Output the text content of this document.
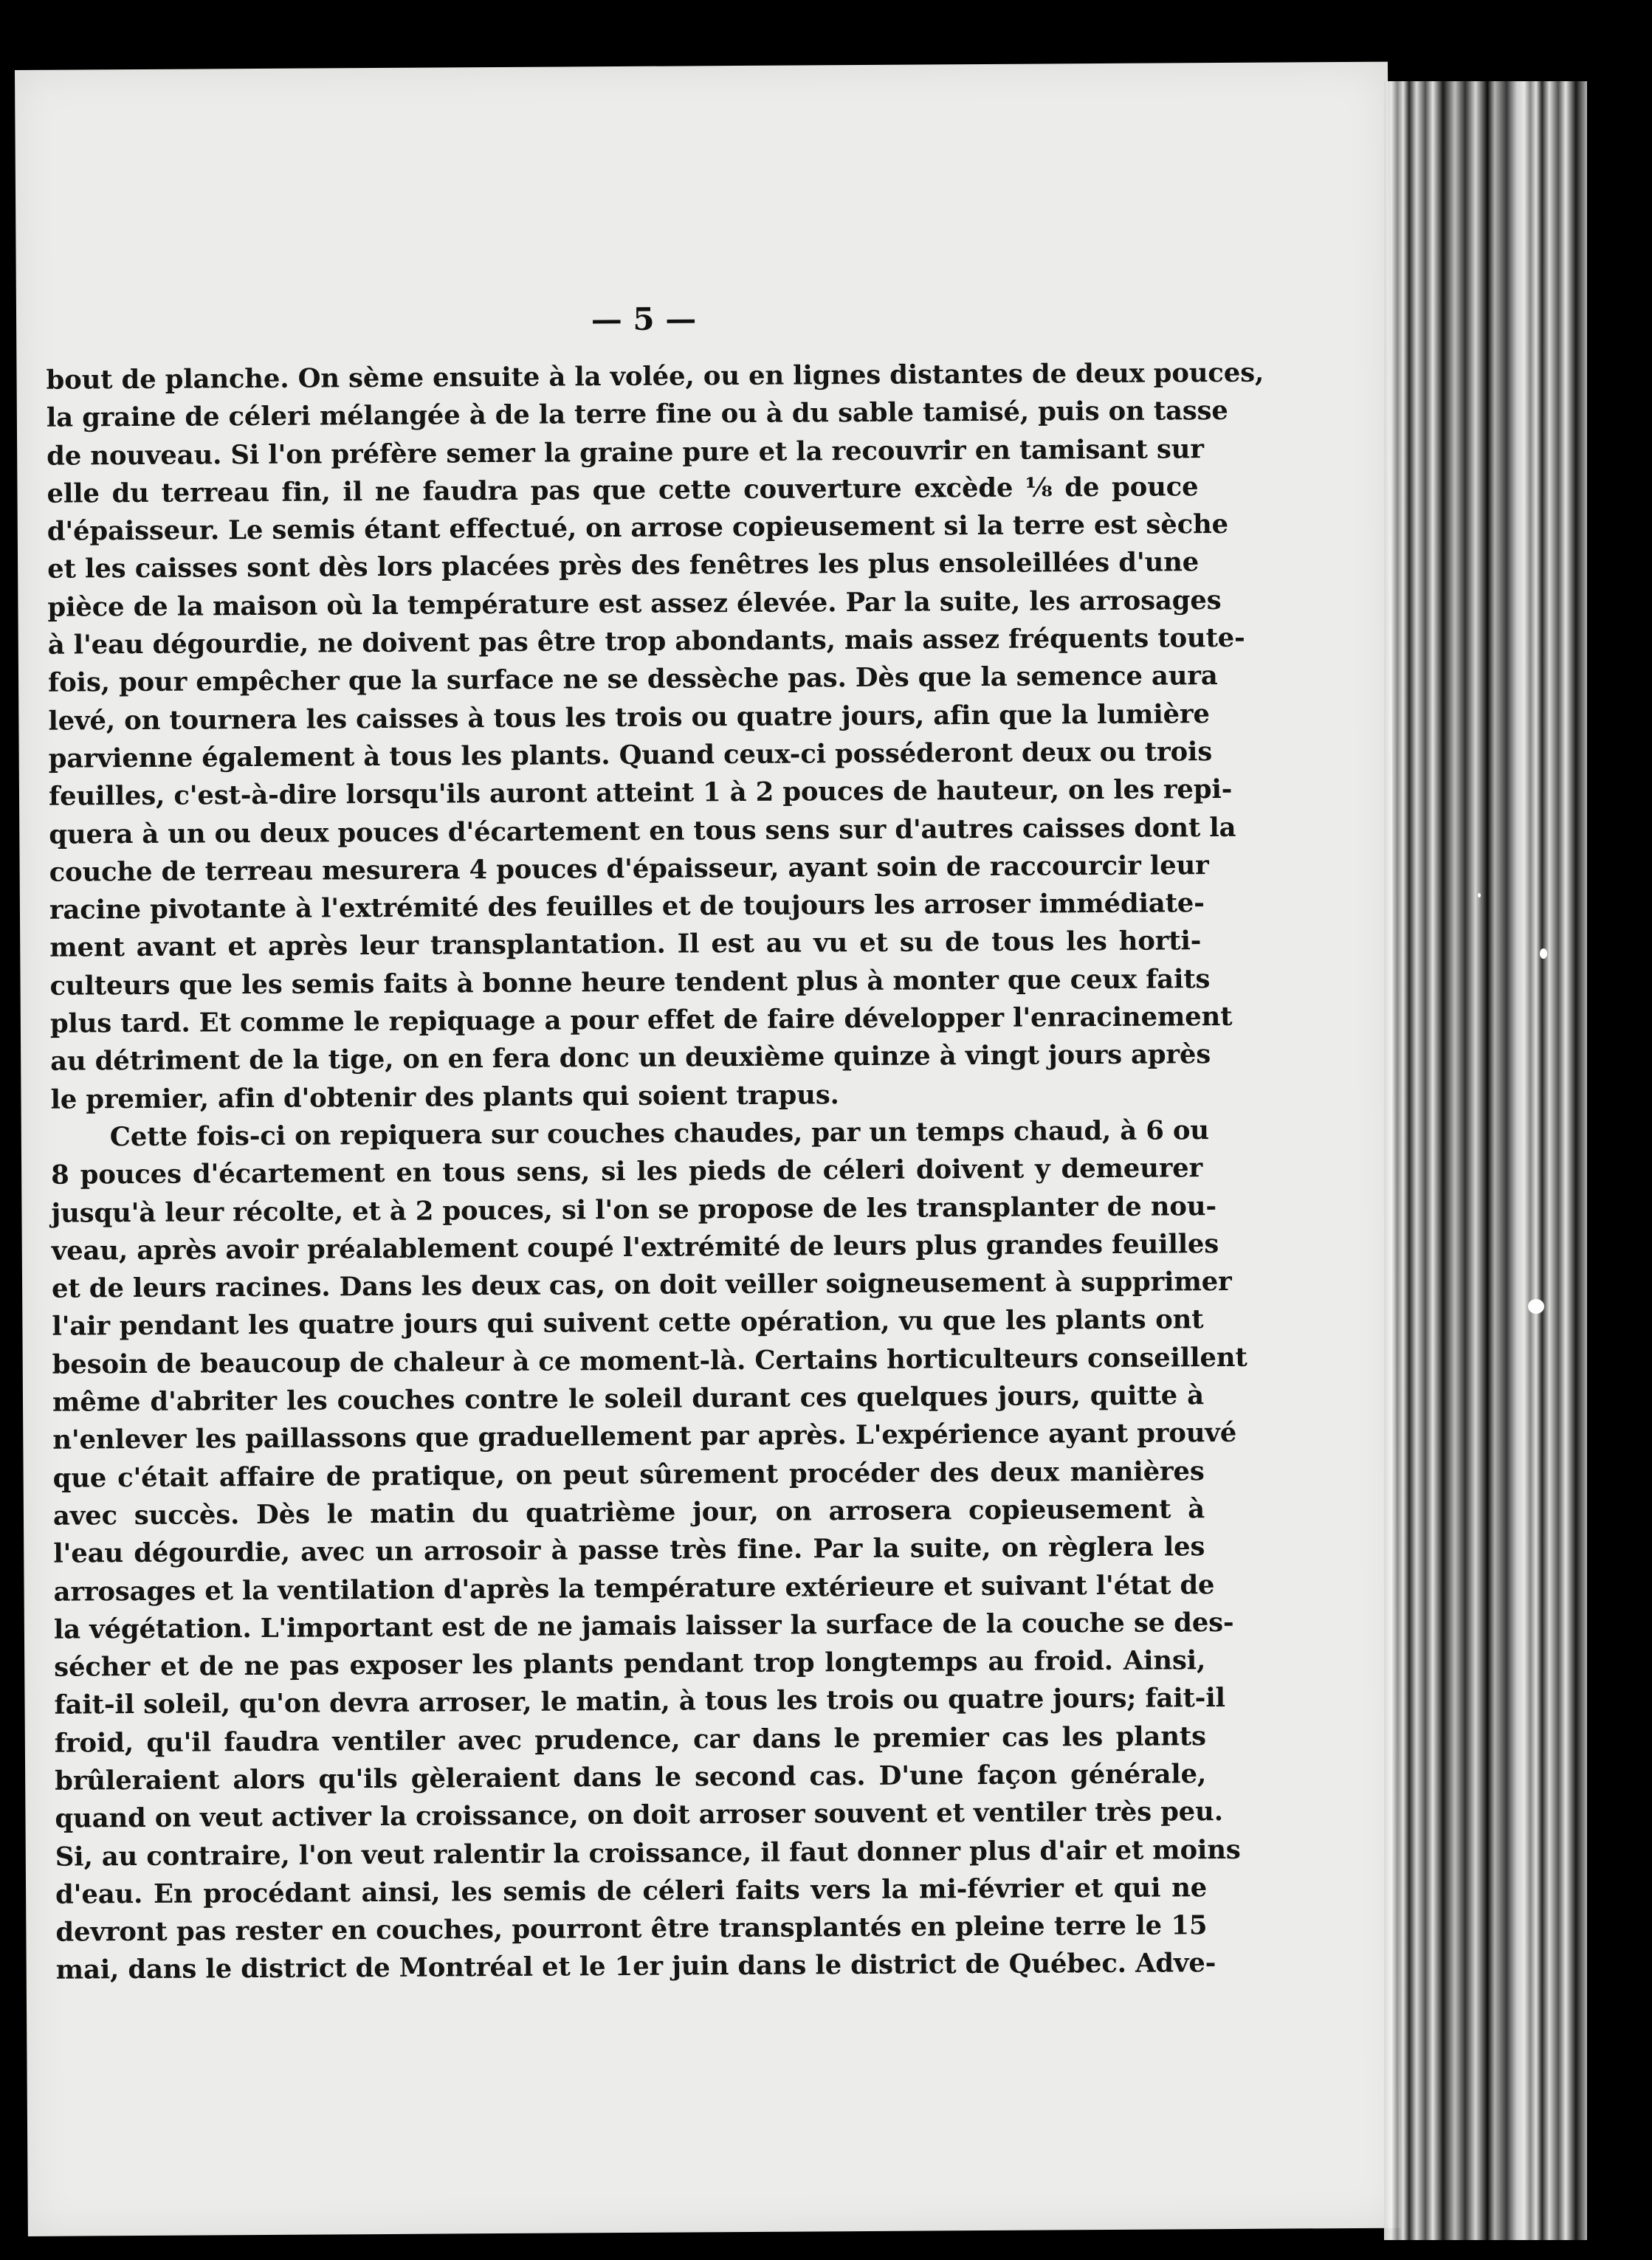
— 5 —
bout de planche. On sème ensuite à la volée, ou en lignes distantes de deux pouces,
la graine de céleri mélangée à de la terre fine ou à du sable tamisé, puis on tasse
de nouveau. Si l'on préfère semer la graine pure et la recouvrir en tamisant sur
elle du terreau fin, il ne faudra pas que cette couverture excède ⅛ de pouce
d'épaisseur. Le semis étant effectué, on arrose copieusement si la terre est sèche
et les caisses sont dès lors placées près des fenêtres les plus ensoleillées d'une
pièce de la maison où la température est assez élevée. Par la suite, les arrosages
à l'eau dégourdie, ne doivent pas être trop abondants, mais assez fréquents toute-
fois, pour empêcher que la surface ne se dessèche pas. Dès que la semence aura
levé, on tournera les caisses à tous les trois ou quatre jours, afin que la lumière
parvienne également à tous les plants. Quand ceux-ci posséderont deux ou trois
feuilles, c'est-à-dire lorsqu'ils auront atteint 1 à 2 pouces de hauteur, on les repi-
quera à un ou deux pouces d'écartement en tous sens sur d'autres caisses dont la
couche de terreau mesurera 4 pouces d'épaisseur, ayant soin de raccourcir leur
racine pivotante à l'extrémité des feuilles et de toujours les arroser immédiate-
ment avant et après leur transplantation. Il est au vu et su de tous les horti-
culteurs que les semis faits à bonne heure tendent plus à monter que ceux faits
plus tard. Et comme le repiquage a pour effet de faire développer l'enracinement
au détriment de la tige, on en fera donc un deuxième quinze à vingt jours après
le premier, afin d'obtenir des plants qui soient trapus.
Cette fois-ci on repiquera sur couches chaudes, par un temps chaud, à 6 ou
8 pouces d'écartement en tous sens, si les pieds de céleri doivent y demeurer
jusqu'à leur récolte, et à 2 pouces, si l'on se propose de les transplanter de nou-
veau, après avoir préalablement coupé l'extrémité de leurs plus grandes feuilles
et de leurs racines. Dans les deux cas, on doit veiller soigneusement à supprimer
l'air pendant les quatre jours qui suivent cette opération, vu que les plants ont
besoin de beaucoup de chaleur à ce moment-là. Certains horticulteurs conseillent
même d'abriter les couches contre le soleil durant ces quelques jours, quitte à
n'enlever les paillassons que graduellement par après. L'expérience ayant prouvé
que c'était affaire de pratique, on peut sûrement procéder des deux manières
avec succès. Dès le matin du quatrième jour, on arrosera copieusement à
l'eau dégourdie, avec un arrosoir à passe très fine. Par la suite, on règlera les
arrosages et la ventilation d'après la température extérieure et suivant l'état de
la végétation. L'important est de ne jamais laisser la surface de la couche se des-
sécher et de ne pas exposer les plants pendant trop longtemps au froid. Ainsi,
fait-il soleil, qu'on devra arroser, le matin, à tous les trois ou quatre jours; fait-il
froid, qu'il faudra ventiler avec prudence, car dans le premier cas les plants
brûleraient alors qu'ils gèleraient dans le second cas. D'une façon générale,
quand on veut activer la croissance, on doit arroser souvent et ventiler très peu.
Si, au contraire, l'on veut ralentir la croissance, il faut donner plus d'air et moins
d'eau. En procédant ainsi, les semis de céleri faits vers la mi-février et qui ne
devront pas rester en couches, pourront être transplantés en pleine terre le 15
mai, dans le district de Montréal et le 1er juin dans le district de Québec. Adve-
